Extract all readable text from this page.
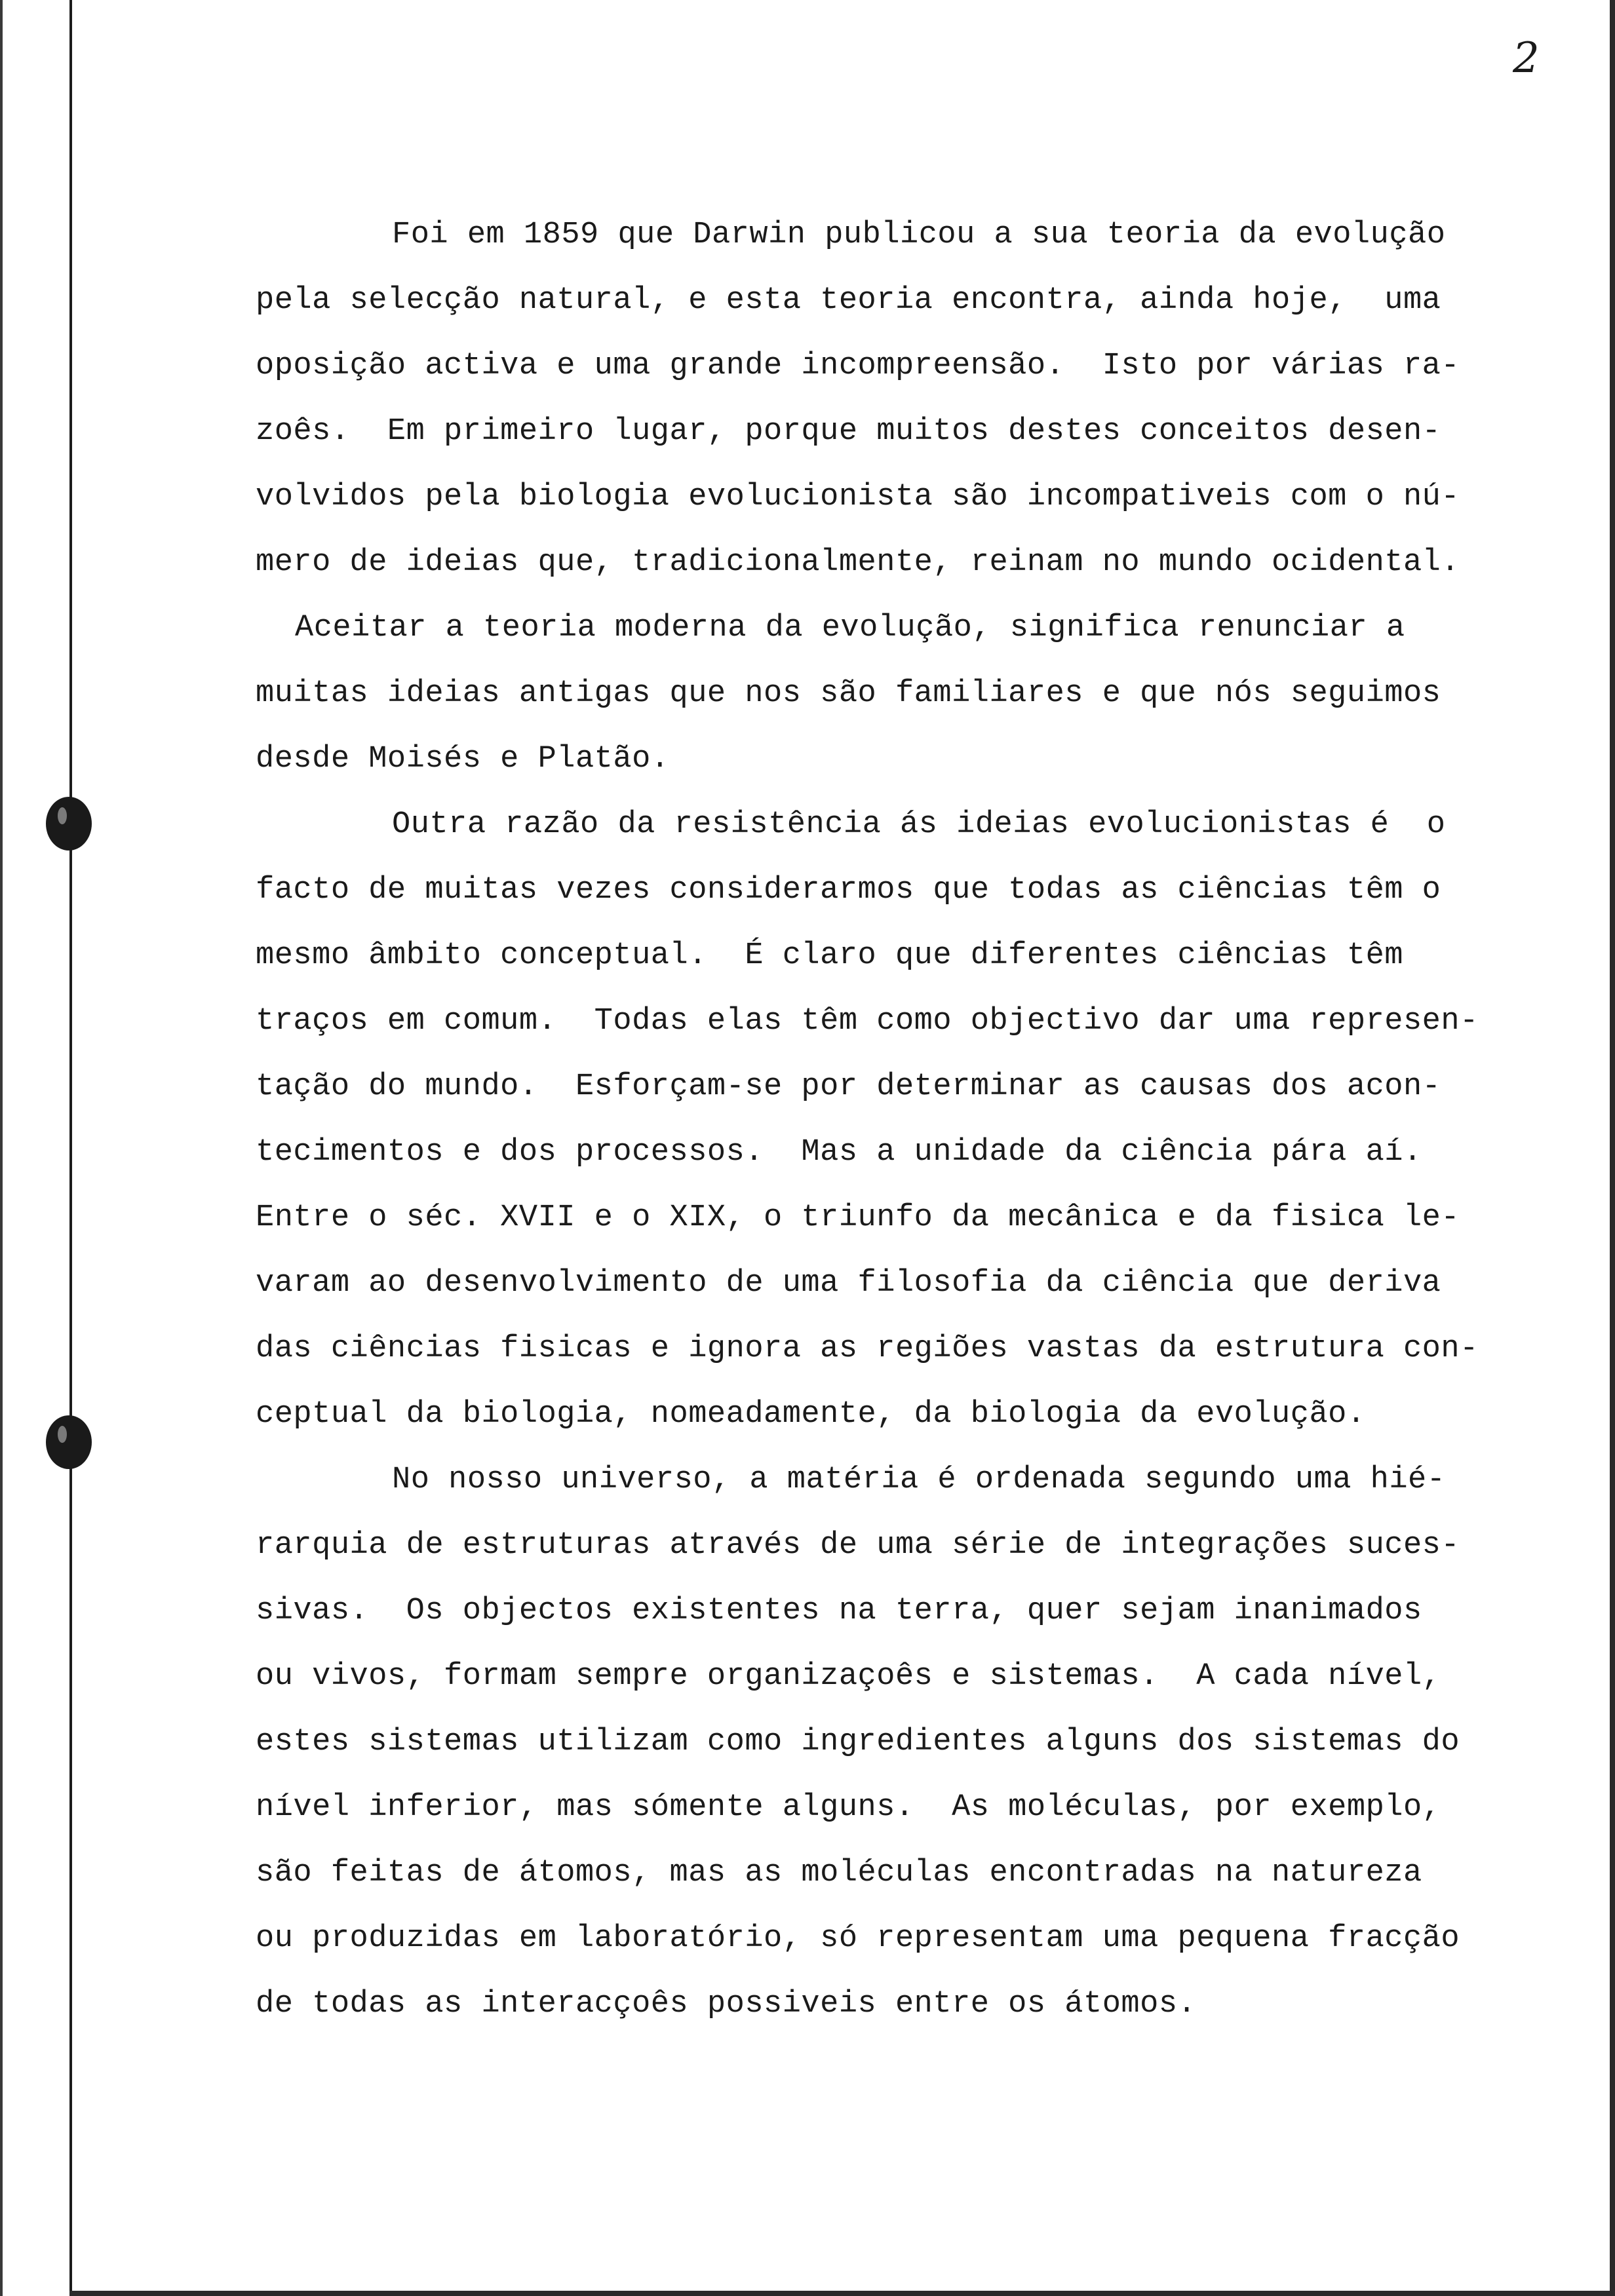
2
Foi em 1859 que Darwin publicou a sua teoria da evolução
pela selecção natural, e esta teoria encontra, ainda hoje,  uma
oposição activa e uma grande incompreensão.  Isto por várias ra-
zoês.  Em primeiro lugar, porque muitos destes conceitos desen-
volvidos pela biologia evolucionista são incompativeis com o nú-
mero de ideias que, tradicionalmente, reinam no mundo ocidental.
Aceitar a teoria moderna da evolução, significa renunciar a
muitas ideias antigas que nos são familiares e que nós seguimos
desde Moisés e Platão.
Outra razão da resistência ás ideias evolucionistas é  o
facto de muitas vezes considerarmos que todas as ciências têm o
mesmo âmbito conceptual.  É claro que diferentes ciências têm
traços em comum.  Todas elas têm como objectivo dar uma represen-
tação do mundo.  Esforçam-se por determinar as causas dos acon-
tecimentos e dos processos.  Mas a unidade da ciência pára aí.
Entre o séc. XVII e o XIX, o triunfo da mecânica e da fisica le-
varam ao desenvolvimento de uma filosofia da ciência que deriva
das ciências fisicas e ignora as regiões vastas da estrutura con-
ceptual da biologia, nomeadamente, da biologia da evolução.
No nosso universo, a matéria é ordenada segundo uma hié-
rarquia de estruturas através de uma série de integrações suces-
sivas.  Os objectos existentes na terra, quer sejam inanimados
ou vivos, formam sempre organizaçoês e sistemas.  A cada nível,
estes sistemas utilizam como ingredientes alguns dos sistemas do
nível inferior, mas sómente alguns.  As moléculas, por exemplo,
são feitas de átomos, mas as moléculas encontradas na natureza
ou produzidas em laboratório, só representam uma pequena fracção
de todas as interacçoês possiveis entre os átomos.
